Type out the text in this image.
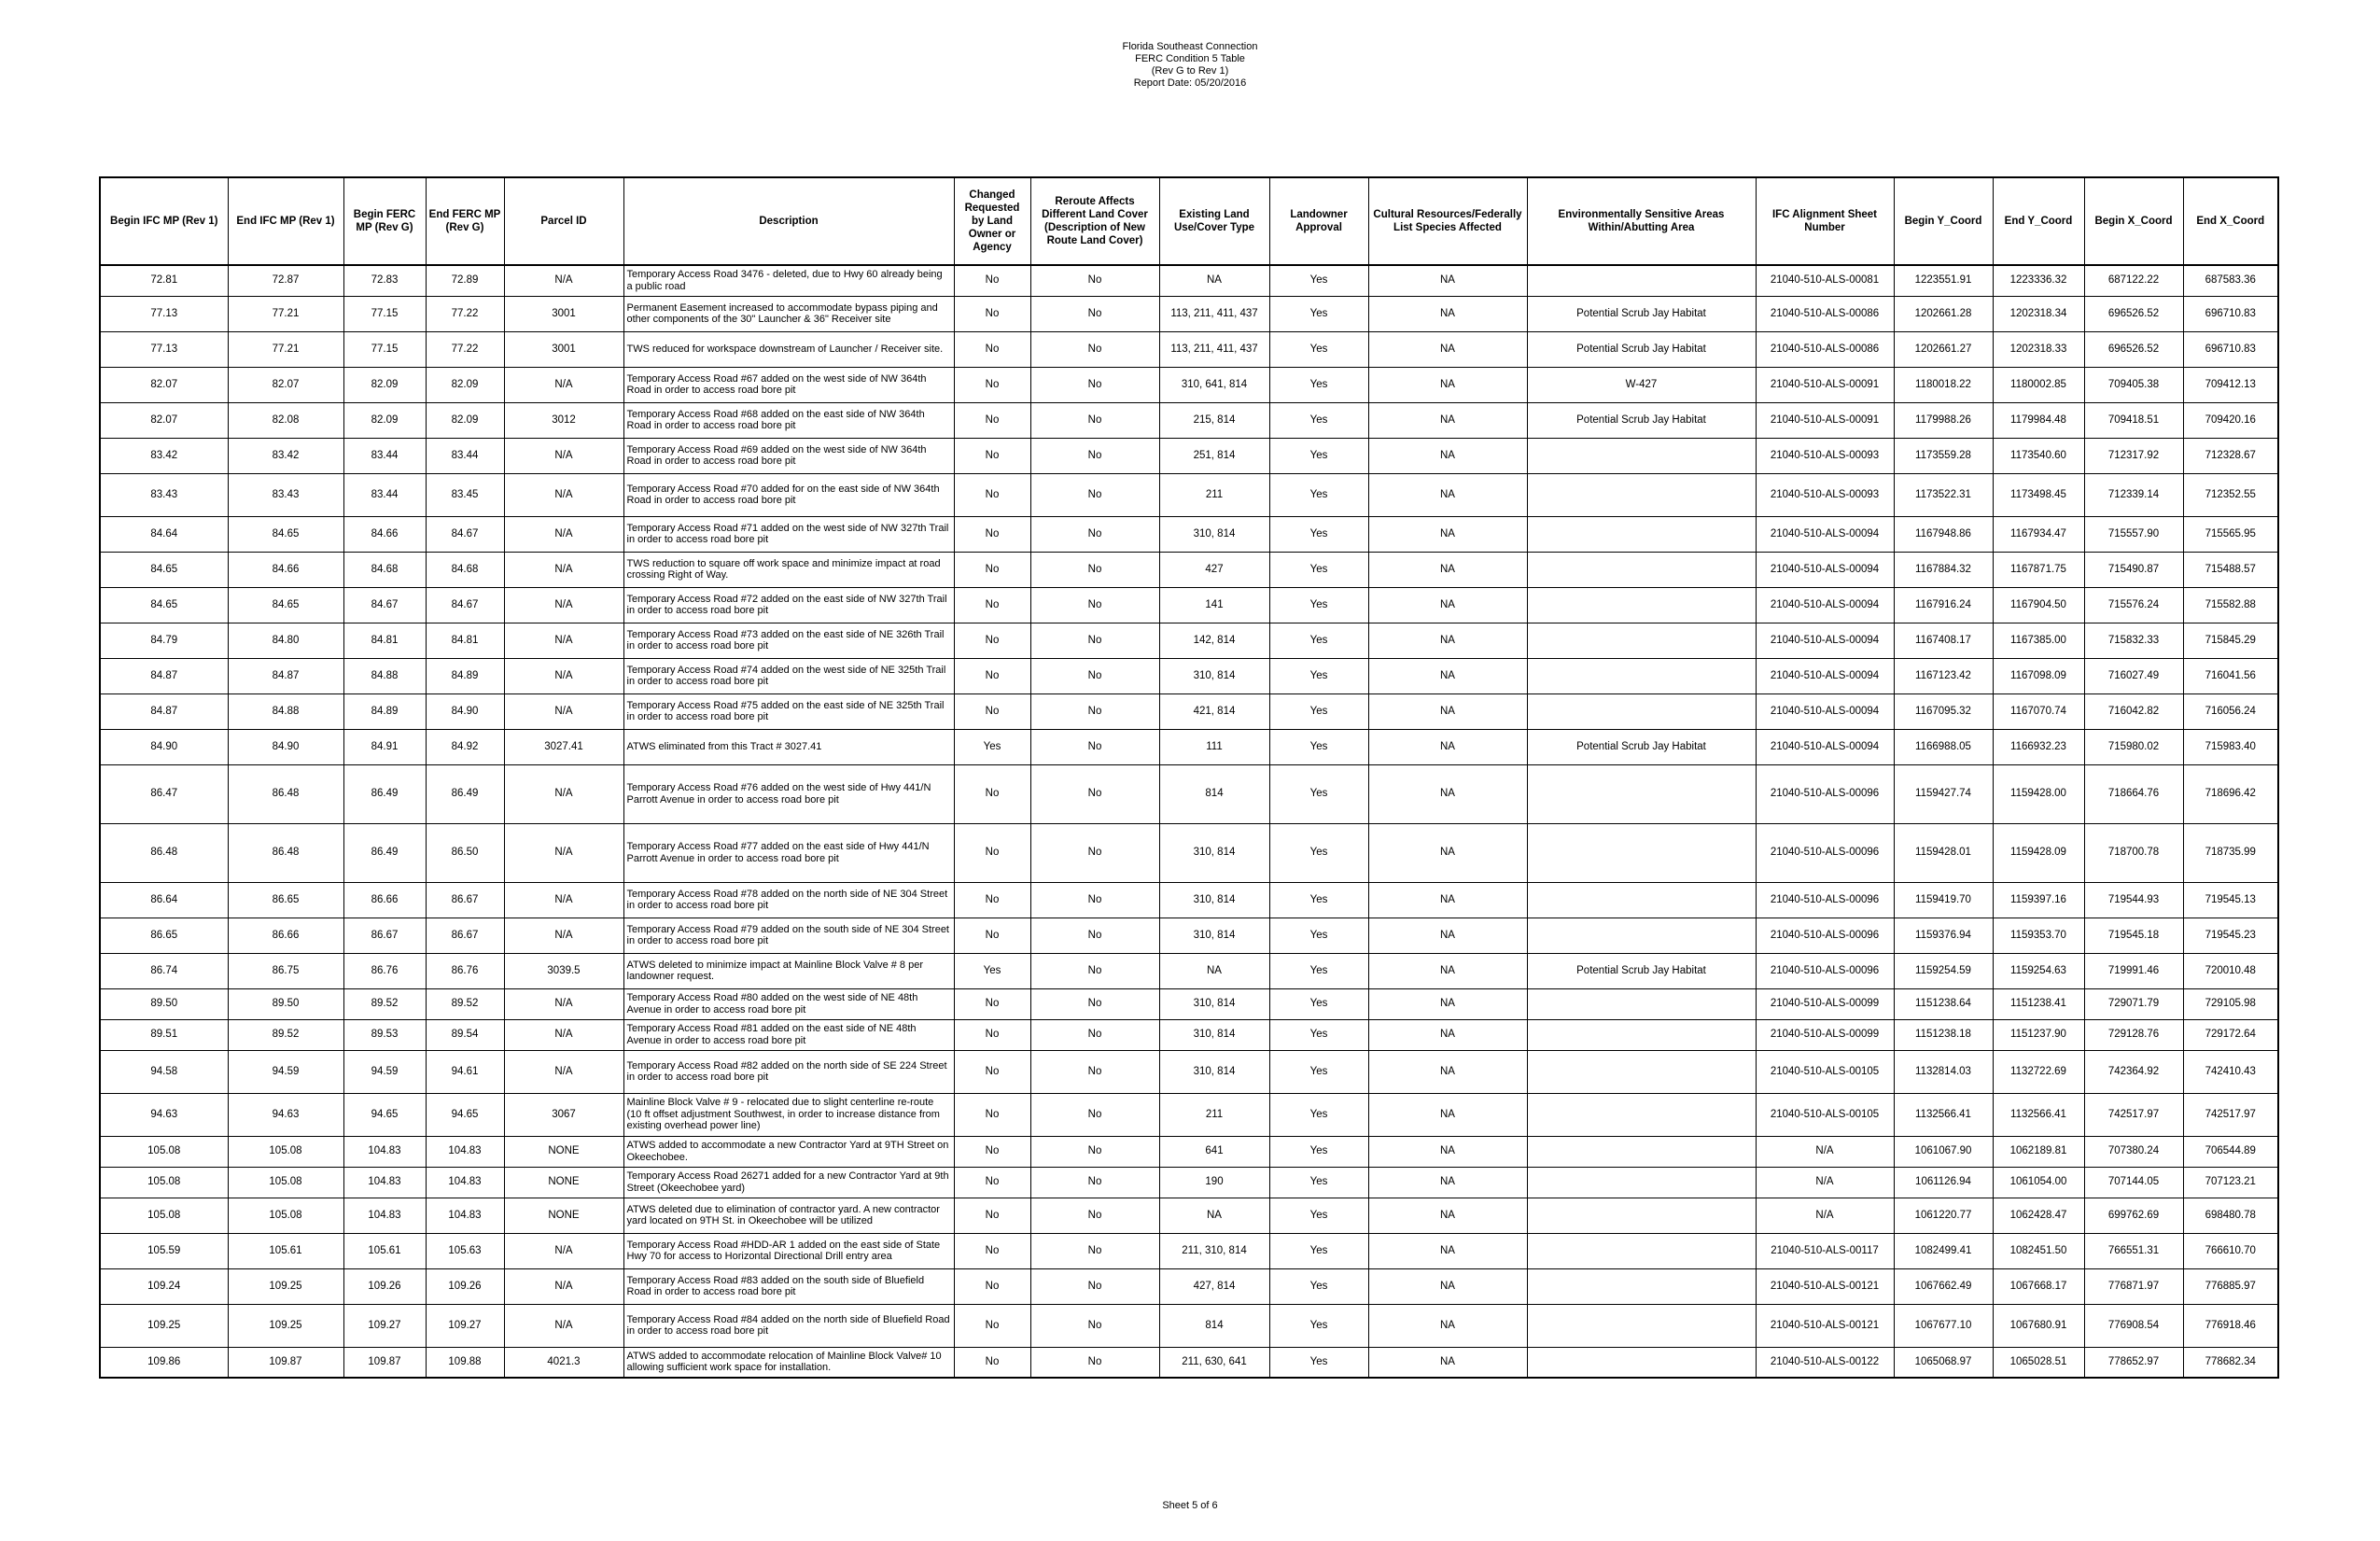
Florida Southeast Connection
FERC Condition 5 Table
(Rev G to Rev 1)
Report Date: 05/20/2016
Begin IFC MP (Rev 1)	End IFC MP (Rev 1)	Begin FERC MP (Rev G)	End FERC MP (Rev G)	Parcel ID	Description	Changed Requested by Land Owner or Agency	Reroute Affects Different Land Cover (Description of New Route Land Cover)	Existing Land Use/Cover Type	Landowner Approval	Cultural Resources/Federally List Species Affected	Environmentally Sensitive Areas Within/Abutting Area	IFC Alignment Sheet Number	Begin Y_Coord	End Y_Coord	Begin X_Coord	End X_Coord
72.81	72.87	72.83	72.89	N/A	Temporary Access Road 3476 - deleted, due to Hwy 60 already being a public road	No	No	NA	Yes	NA		21040-510-ALS-00081	1223551.91	1223336.32	687122.22	687583.36
77.13	77.21	77.15	77.22	3001	Permanent Easement increased to accommodate bypass piping and other components of the 30" Launcher & 36" Receiver site	No	No	113, 211, 411, 437	Yes	NA	Potential Scrub Jay Habitat	21040-510-ALS-00086	1202661.28	1202318.34	696526.52	696710.83
77.13	77.21	77.15	77.22	3001	TWS reduced for workspace downstream of Launcher / Receiver site.	No	No	113, 211, 411, 437	Yes	NA	Potential Scrub Jay Habitat	21040-510-ALS-00086	1202661.27	1202318.33	696526.52	696710.83
82.07	82.07	82.09	82.09	N/A	Temporary Access Road #67 added on the west side of NW 364th Road in order to access road bore pit	No	No	310, 641, 814	Yes	NA	W-427	21040-510-ALS-00091	1180018.22	1180002.85	709405.38	709412.13
82.07	82.08	82.09	82.09	3012	Temporary Access Road #68 added on the east side of NW 364th Road in order to access road bore pit	No	No	215, 814	Yes	NA	Potential Scrub Jay Habitat	21040-510-ALS-00091	1179988.26	1179984.48	709418.51	709420.16
83.42	83.42	83.44	83.44	N/A	Temporary Access Road #69 added on the west side of NW 364th Road in order to access road bore pit	No	No	251, 814	Yes	NA		21040-510-ALS-00093	1173559.28	1173540.60	712317.92	712328.67
83.43	83.43	83.44	83.45	N/A	Temporary Access Road #70 added for on the east side of NW 364th Road in order to access road bore pit	No	No	211	Yes	NA		21040-510-ALS-00093	1173522.31	1173498.45	712339.14	712352.55
84.64	84.65	84.66	84.67	N/A	Temporary Access Road #71 added on the west side of NW 327th Trail in order to access road bore pit	No	No	310, 814	Yes	NA		21040-510-ALS-00094	1167948.86	1167934.47	715557.90	715565.95
84.65	84.66	84.68	84.68	N/A	TWS reduction to square off work space and minimize impact at road crossing Right of Way.	No	No	427	Yes	NA		21040-510-ALS-00094	1167884.32	1167871.75	715490.87	715488.57
84.65	84.65	84.67	84.67	N/A	Temporary Access Road #72 added on the east side of NW 327th Trail in order to access road bore pit	No	No	141	Yes	NA		21040-510-ALS-00094	1167916.24	1167904.50	715576.24	715582.88
84.79	84.80	84.81	84.81	N/A	Temporary Access Road #73 added on the east side of NE 326th Trail in order to access road bore pit	No	No	142, 814	Yes	NA		21040-510-ALS-00094	1167408.17	1167385.00	715832.33	715845.29
84.87	84.87	84.88	84.89	N/A	Temporary Access Road #74 added on the west side of NE 325th Trail in order to access road bore pit	No	No	310, 814	Yes	NA		21040-510-ALS-00094	1167123.42	1167098.09	716027.49	716041.56
84.87	84.88	84.89	84.90	N/A	Temporary Access Road #75 added on the east side of NE 325th Trail in order to access road bore pit	No	No	421, 814	Yes	NA		21040-510-ALS-00094	1167095.32	1167070.74	716042.82	716056.24
84.90	84.90	84.91	84.92	3027.41	ATWS eliminated from this Tract # 3027.41	Yes	No	111	Yes	NA	Potential Scrub Jay Habitat	21040-510-ALS-00094	1166988.05	1166932.23	715980.02	715983.40
86.47	86.48	86.49	86.49	N/A	Temporary Access Road #76 added on the west side of Hwy 441/N Parrott Avenue in order to access road bore pit	No	No	814	Yes	NA		21040-510-ALS-00096	1159427.74	1159428.00	718664.76	718696.42
86.48	86.48	86.49	86.50	N/A	Temporary Access Road #77 added on the east side of Hwy 441/N Parrott Avenue in order to access road bore pit	No	No	310, 814	Yes	NA		21040-510-ALS-00096	1159428.01	1159428.09	718700.78	718735.99
86.64	86.65	86.66	86.67	N/A	Temporary Access Road #78 added on the north side of NE 304 Street in order to access road bore pit	No	No	310, 814	Yes	NA		21040-510-ALS-00096	1159419.70	1159397.16	719544.93	719545.13
86.65	86.66	86.67	86.67	N/A	Temporary Access Road #79 added on the south side of NE 304 Street in order to access road bore pit	No	No	310, 814	Yes	NA		21040-510-ALS-00096	1159376.94	1159353.70	719545.18	719545.23
86.74	86.75	86.76	86.76	3039.5	ATWS deleted to minimize impact at Mainline Block Valve # 8 per landowner request.	Yes	No	NA	Yes	NA	Potential Scrub Jay Habitat	21040-510-ALS-00096	1159254.59	1159254.63	719991.46	720010.48
89.50	89.50	89.52	89.52	N/A	Temporary Access Road #80 added on the west side of NE 48th Avenue in order to access road bore pit	No	No	310, 814	Yes	NA		21040-510-ALS-00099	1151238.64	1151238.41	729071.79	729105.98
89.51	89.52	89.53	89.54	N/A	Temporary Access Road #81 added on the east side of NE 48th Avenue in order to access road bore pit	No	No	310, 814	Yes	NA		21040-510-ALS-00099	1151238.18	1151237.90	729128.76	729172.64
94.58	94.59	94.59	94.61	N/A	Temporary Access Road #82 added on the north side of SE 224 Street in order to access road bore pit	No	No	310, 814	Yes	NA		21040-510-ALS-00105	1132814.03	1132722.69	742364.92	742410.43
94.63	94.63	94.65	94.65	3067	Mainline Block Valve # 9 - relocated due to slight centerline re-route (10 ft offset adjustment Southwest, in order to increase distance from existing overhead power line)	No	No	211	Yes	NA		21040-510-ALS-00105	1132566.41	1132566.41	742517.97	742517.97
105.08	105.08	104.83	104.83	NONE	ATWS added to accommodate a new Contractor Yard at 9TH Street on Okeechobee.	No	No	641	Yes	NA		N/A	1061067.90	1062189.81	707380.24	706544.89
105.08	105.08	104.83	104.83	NONE	Temporary Access Road 26271 added for a new Contractor Yard at 9th Street (Okeechobee yard)	No	No	190	Yes	NA		N/A	1061126.94	1061054.00	707144.05	707123.21
105.08	105.08	104.83	104.83	NONE	ATWS deleted due to elimination of contractor yard. A new contractor yard located on 9TH St. in Okeechobee will be utilized	No	No	NA	Yes	NA		N/A	1061220.77	1062428.47	699762.69	698480.78
105.59	105.61	105.61	105.63	N/A	Temporary Access Road #HDD-AR 1 added on the east side of State Hwy 70 for access to Horizontal Directional Drill entry area	No	No	211, 310, 814	Yes	NA		21040-510-ALS-00117	1082499.41	1082451.50	766551.31	766610.70
109.24	109.25	109.26	109.26	N/A	Temporary Access Road #83 added on the south side of Bluefield Road in order to access road bore pit	No	No	427, 814	Yes	NA		21040-510-ALS-00121	1067662.49	1067668.17	776871.97	776885.97
109.25	109.25	109.27	109.27	N/A	Temporary Access Road #84 added on the north side of Bluefield Road in order to access road bore pit	No	No	814	Yes	NA		21040-510-ALS-00121	1067677.10	1067680.91	776908.54	776918.46
109.86	109.87	109.87	109.88	4021.3	ATWS added to accommodate relocation of Mainline Block Valve# 10 allowing sufficient work space for installation.	No	No	211, 630, 641	Yes	NA		21040-510-ALS-00122	1065068.97	1065028.51	778652.97	778682.34
Sheet 5 of 6
